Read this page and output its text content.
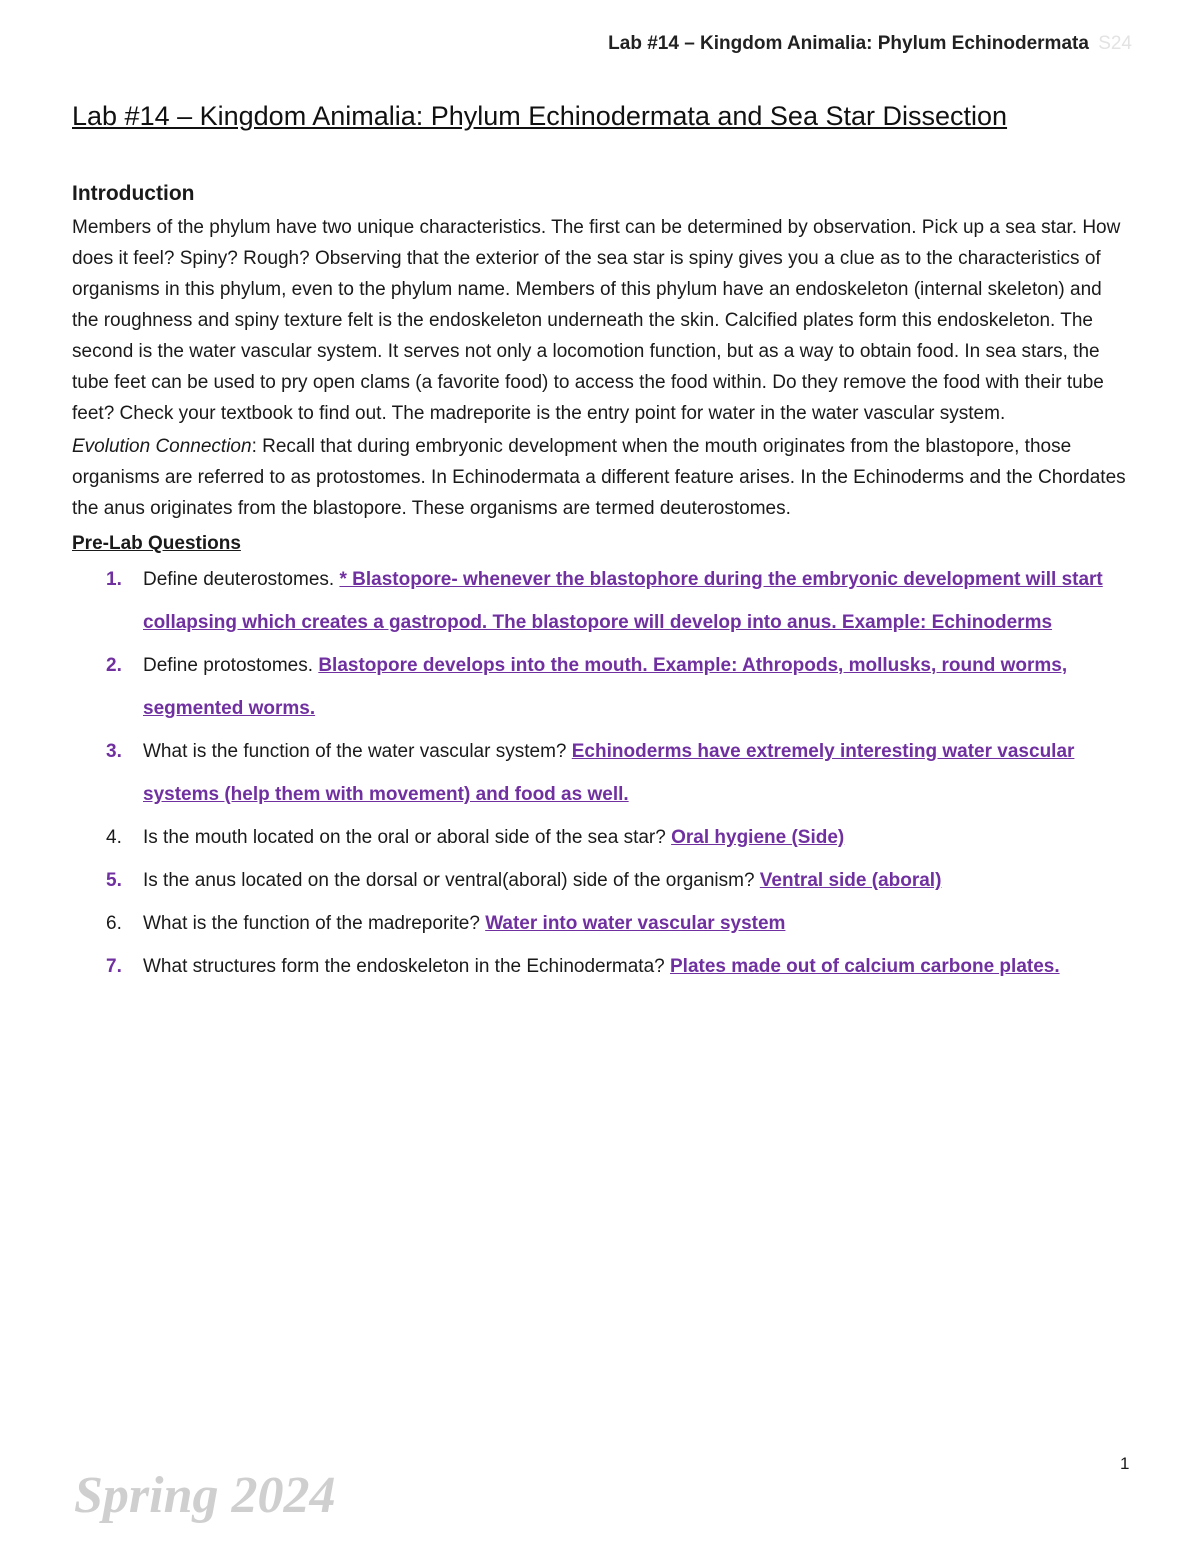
Lab #14 – Kingdom Animalia: Phylum Echinodermata S24
Lab #14 – Kingdom Animalia: Phylum Echinodermata and Sea Star Dissection
Introduction

Members of the phylum have two unique characteristics. The first can be determined by observation. Pick up a sea star. How does it feel? Spiny? Rough? Observing that the exterior of the sea star is spiny gives you a clue as to the characteristics of organisms in this phylum, even to the phylum name. Members of this phylum have an endoskeleton (internal skeleton) and the roughness and spiny texture felt is the endoskeleton underneath the skin. Calcified plates form this endoskeleton. The second is the water vascular system. It serves not only a locomotion function, but as a way to obtain food. In sea stars, the tube feet can be used to pry open clams (a favorite food) to access the food within. Do they remove the food with their tube feet? Check your textbook to find out. The madreporite is the entry point for water in the water vascular system.

Evolution Connection: Recall that during embryonic development when the mouth originates from the blastopore, those organisms are referred to as protostomes. In Echinodermata a different feature arises. In the Echinoderms and the Chordates the anus originates from the blastopore. These organisms are termed deuterostomes.

Pre-Lab Questions
1. Define deuterostomes. * Blastopore- whenever the blastophore during the embryonic development will start collapsing which creates a gastropod. The blastopore will develop into anus. Example: Echinoderms
2. Define protostomes. Blastopore develops into the mouth. Example: Athropods, mollusks, round worms, segmented worms.
3. What is the function of the water vascular system? Echinoderms have extremely interesting water vascular systems (help them with movement) and food as well.
4. Is the mouth located on the oral or aboral side of the sea star? Oral hygiene (Side)
5. Is the anus located on the dorsal or ventral(aboral) side of the organism? Ventral side (aboral)
6. What is the function of the madreporite? Water into water vascular system
7. What structures form the endoskeleton in the Echinodermata? Plates made out of calcium carbone plates.
1
Spring 2024
